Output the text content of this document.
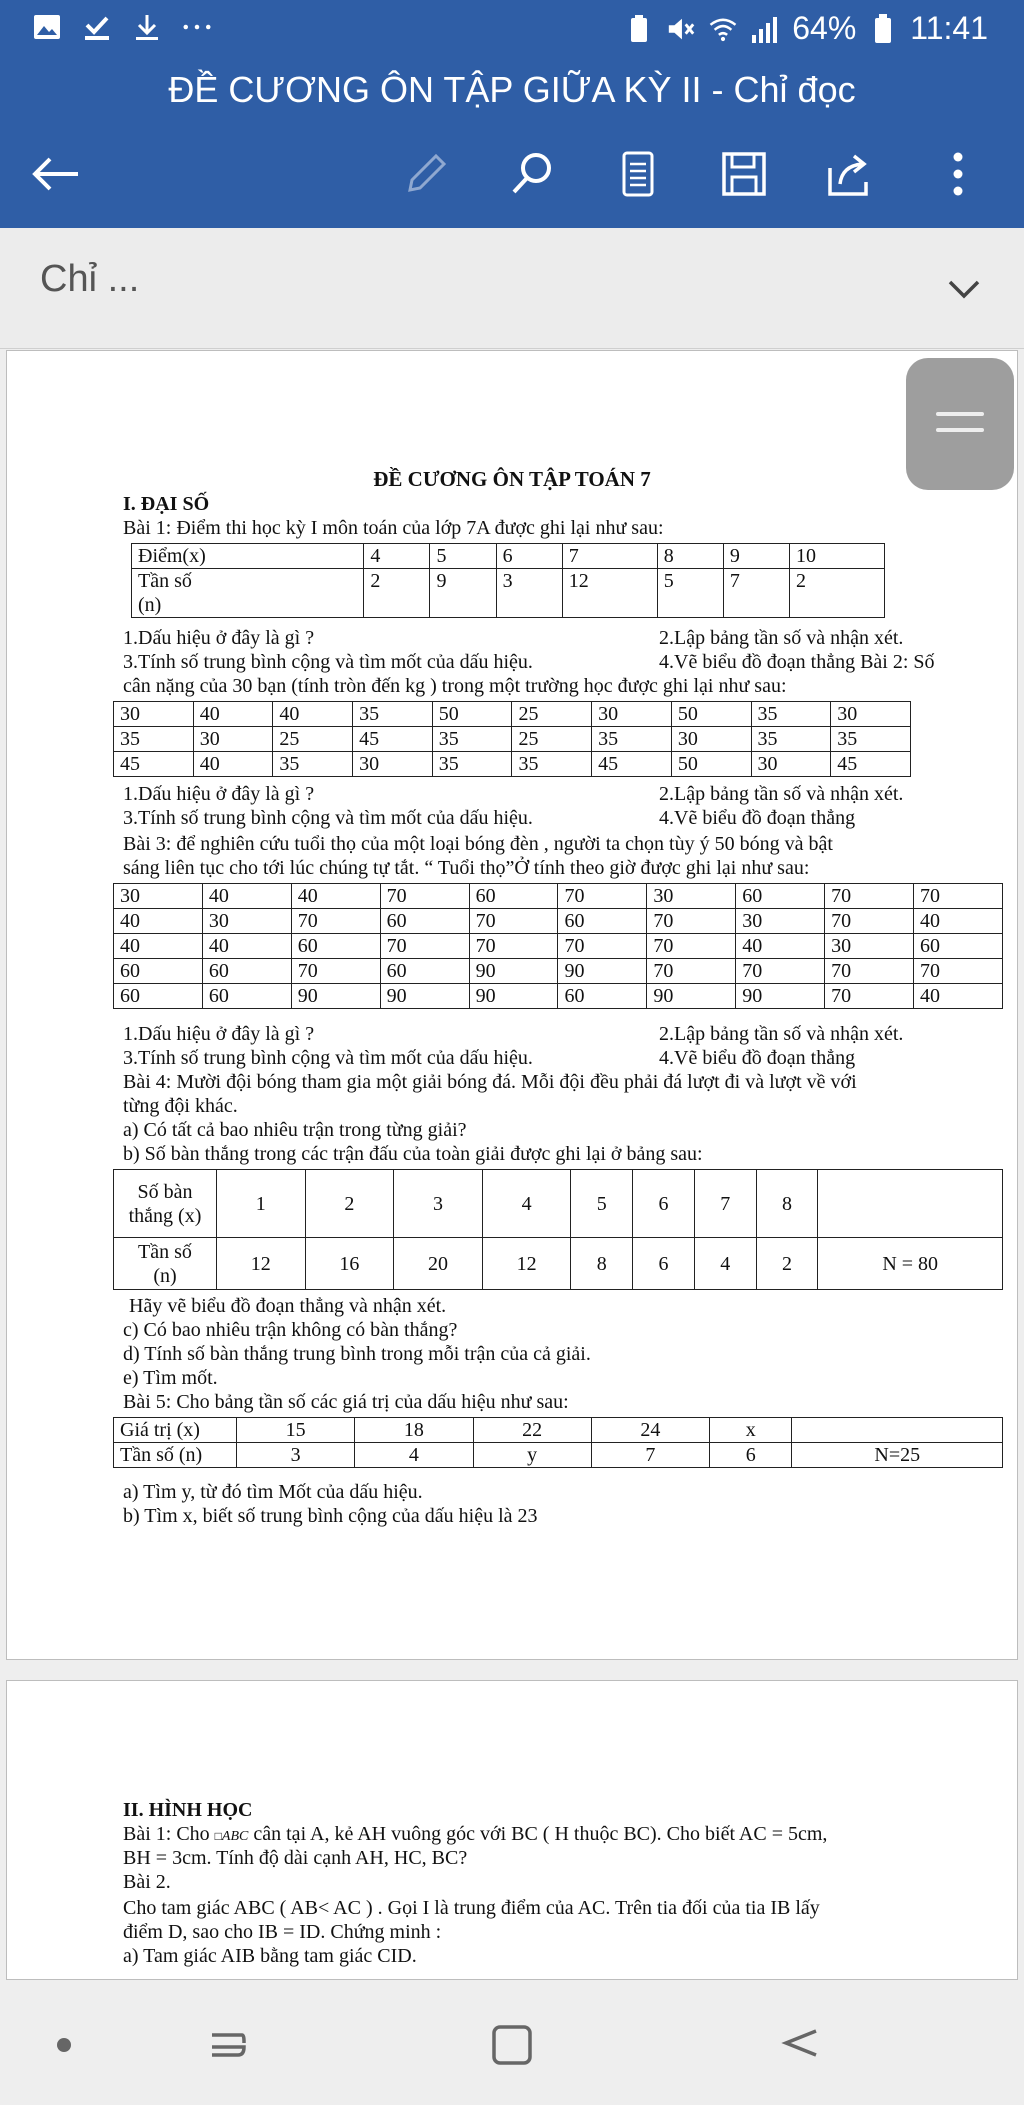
64% 11:41
ĐỀ CƯƠNG ÔN TẬP GIỮA KỲ II - Chỉ đọc
Chỉ ...
ĐỀ CƯƠNG ÔN TẬP TOÁN 7
I. ĐẠI SỐ
Bài 1: Điểm thi học kỳ I môn toán của lớp 7A được ghi lại như sau:
Điểm(x)	4	5	6	7	8	9	10
Tần số
(n)	2	9	3	12	5	7	2
1.Dấu hiệu ở đây là gì ?	2.Lập bảng tần số và nhận xét.
3.Tính số trung bình cộng và tìm mốt của dấu hiệu.	4.Vẽ biểu đồ đoạn thẳng Bài 2: Số
cân nặng của 30 bạn (tính tròn đến kg ) trong một trường học được ghi lại như sau:
30	40	40	35	50	25	30	50	35	30
35	30	25	45	35	25	35	30	35	35
45	40	35	30	35	35	45	50	30	45
1.Dấu hiệu ở đây là gì ?	2.Lập bảng tần số và nhận xét.
3.Tính số trung bình cộng và tìm mốt của dấu hiệu.	4.Vẽ biểu đồ đoạn thẳng
Bài 3: để nghiên cứu tuổi thọ của một loại bóng đèn , người ta chọn tùy ý 50 bóng và bật
sáng liên tục cho tới lúc chúng tự tắt. “ Tuổi thọ”Ở tính theo giờ được ghi lại như sau:
30	40	40	70	60	70	30	60	70	70
40	30	70	60	70	60	70	30	70	40
40	40	60	70	70	70	70	40	30	60
60	60	70	60	90	90	70	70	70	70
60	60	90	90	90	60	90	90	70	40
1.Dấu hiệu ở đây là gì ?	2.Lập bảng tần số và nhận xét.
3.Tính số trung bình cộng và tìm mốt của dấu hiệu.	4.Vẽ biểu đồ đoạn thẳng
Bài 4: Mười đội bóng tham gia một giải bóng đá. Mỗi đội đều phải đá lượt đi và lượt về với
từng đội khác.
a) Có tất cả bao nhiêu trận trong từng giải?
b) Số bàn thắng trong các trận đấu của toàn giải được ghi lại ở bảng sau:
Số bàn
thắng (x)	1	2	3	4	5	6	7	8	
Tần số
(n)	12	16	20	12	8	6	4	2	N = 80
Hãy vẽ biểu đồ đoạn thẳng và nhận xét.
c) Có bao nhiêu trận không có bàn thắng?
d) Tính số bàn thắng trung bình trong mỗi trận của cả giải.
e) Tìm mốt.
Bài 5: Cho bảng tần số các giá trị của dấu hiệu như sau:
Giá trị (x)	15	18	22	24	x	
Tần số (n)	3	4	y	7	6	N=25
a) Tìm y, từ đó tìm Mốt của dấu hiệu.
b) Tìm x, biết số trung bình cộng của dấu hiệu là 23
II. HÌNH HỌC
Bài 1: Cho □ABC cân tại A, kẻ AH vuông góc với BC ( H thuộc BC). Cho biết AC = 5cm,
BH = 3cm. Tính độ dài cạnh AH, HC, BC?
Bài 2.
Cho tam giác ABC ( AB< AC ) . Gọi I là trung điểm của AC. Trên tia đối của tia IB lấy
điểm D, sao cho IB = ID. Chứng minh :
a) Tam giác AIB bằng tam giác CID.
